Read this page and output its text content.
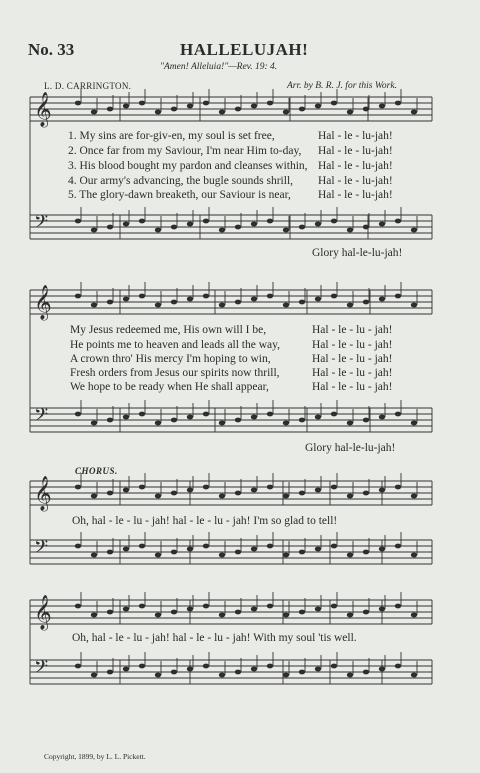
No. 33	HALLELUJAH!
"Amen! Alleluia!"—Rev. 19: 4.
L. D. CARRINGTON.	Arr. by B. R. J. for this Work.
𝄞
𝄢
𝄞
𝄢
𝄞
𝄢
𝄞
𝄢
1. My sins are for-giv-en, my soul is set free,	Hal - le - lu-jah!
2. Once far from my Saviour, I'm near Him to-day, Hal - le - lu-jah!
3. His blood bought my pardon and cleanses within, Hal - le - lu-jah!
4. Our army's advancing, the bugle sounds shrill, Hal - le - lu-jah!
5. The glory-dawn breaketh, our Saviour is near, Hal - le - lu-jah!
Glory hal-le-lu-jah!
My Jesus redeemed me, His own will I be,	Hal - le - lu - jah!
He points me to heaven and leads all the way,	Hal - le - lu - jah!
A crown thro' His mercy I'm hoping to win,	Hal - le - lu - jah!
Fresh orders from Jesus our spirits now thrill,	Hal - le - lu - jah!
We hope to be ready when He shall appear,	Hal - le - lu - jah!
Glory hal-le-lu-jah!
CHORUS.
Oh, hal - le - lu - jah! hal - le - lu - jah! I'm so glad to tell!
Oh, hal - le - lu - jah! hal - le - lu - jah! With my soul 'tis well.
Copyright, 1899, by L. L. Pickett.
